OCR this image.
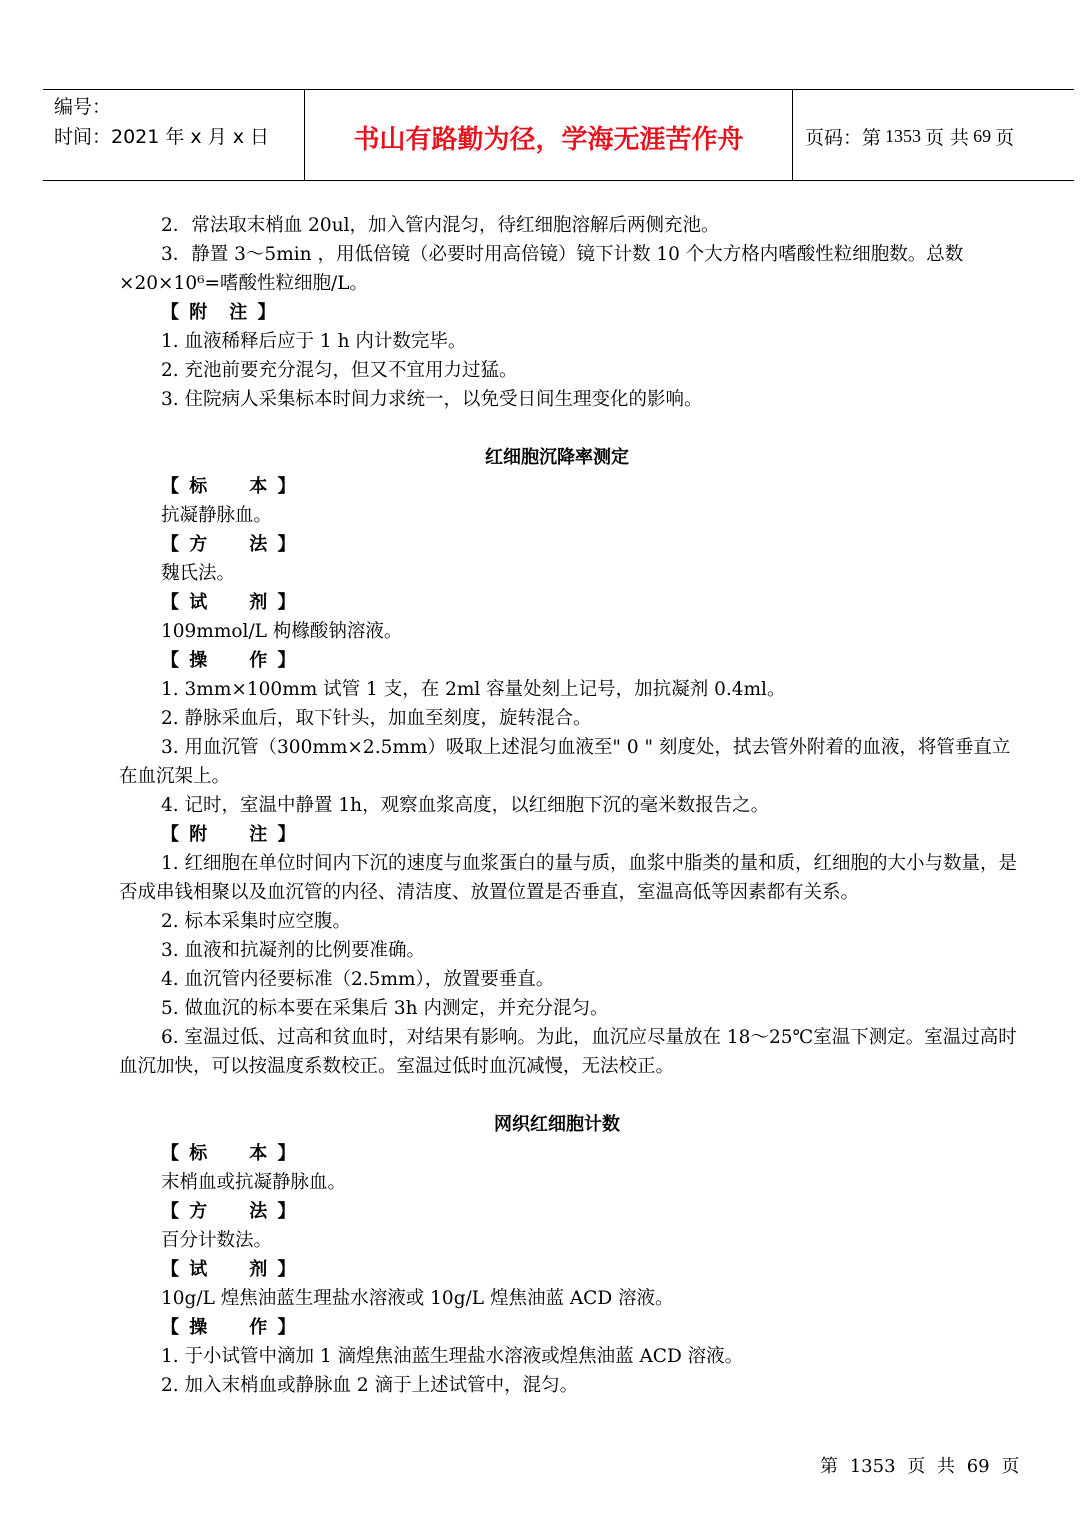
编号：
时间：2021 年 x 月 x 日	书山有路勤为径，学海无涯苦作舟	页码：第 1353 页 共 69 页
2．常法取末梢血 20ul，加入管内混匀，待红细胞溶解后两侧充池。
3．静置 3～5min ，用低倍镜（必要时用高倍镜）镜下计数 10 个大方格内嗜酸性粒细胞数。总数×20×10⁶=嗜酸性粒细胞/L。
【 附　注 】
1. 血液稀释后应于 1 h 内计数完毕。
2. 充池前要充分混匀，但又不宜用力过猛。
3. 住院病人采集标本时间力求统一，以免受日间生理变化的影响。
红细胞沉降率测定
【 标　　本 】
抗凝静脉血。
【 方　　法 】
魏氏法。
【 试　　剂 】
109mmol/L 枸橼酸钠溶液。
【 操　　作 】
1. 3mm×100mm 试管 1 支，在 2ml 容量处刻上记号，加抗凝剂 0.4ml。
2. 静脉采血后，取下针头，加血至刻度，旋转混合。
3. 用血沉管（300mm×2.5mm）吸取上述混匀血液至" 0 " 刻度处，拭去管外附着的血液，将管垂直立在血沉架上。
4. 记时，室温中静置 1h，观察血浆高度，以红细胞下沉的毫米数报告之。
【 附　　注 】
1. 红细胞在单位时间内下沉的速度与血浆蛋白的量与质，血浆中脂类的量和质，红细胞的大小与数量，是否成串钱相聚以及血沉管的内径、清洁度、放置位置是否垂直，室温高低等因素都有关系。
2. 标本采集时应空腹。
3. 血液和抗凝剂的比例要准确。
4. 血沉管内径要标准（2.5mm），放置要垂直。
5. 做血沉的标本要在采集后 3h 内测定，并充分混匀。
6. 室温过低、过高和贫血时，对结果有影响。为此，血沉应尽量放在 18～25℃室温下测定。室温过高时血沉加快，可以按温度系数校正。室温过低时血沉减慢，无法校正。
网织红细胞计数
【 标　　本 】
末梢血或抗凝静脉血。
【 方　　法 】
百分计数法。
【 试　　剂 】
10g/L 煌焦油蓝生理盐水溶液或 10g/L 煌焦油蓝 ACD 溶液。
【 操　　作 】
1. 于小试管中滴加 1 滴煌焦油蓝生理盐水溶液或煌焦油蓝 ACD 溶液。
2. 加入末梢血或静脉血 2 滴于上述试管中，混匀。
第 1353 页 共 69 页
